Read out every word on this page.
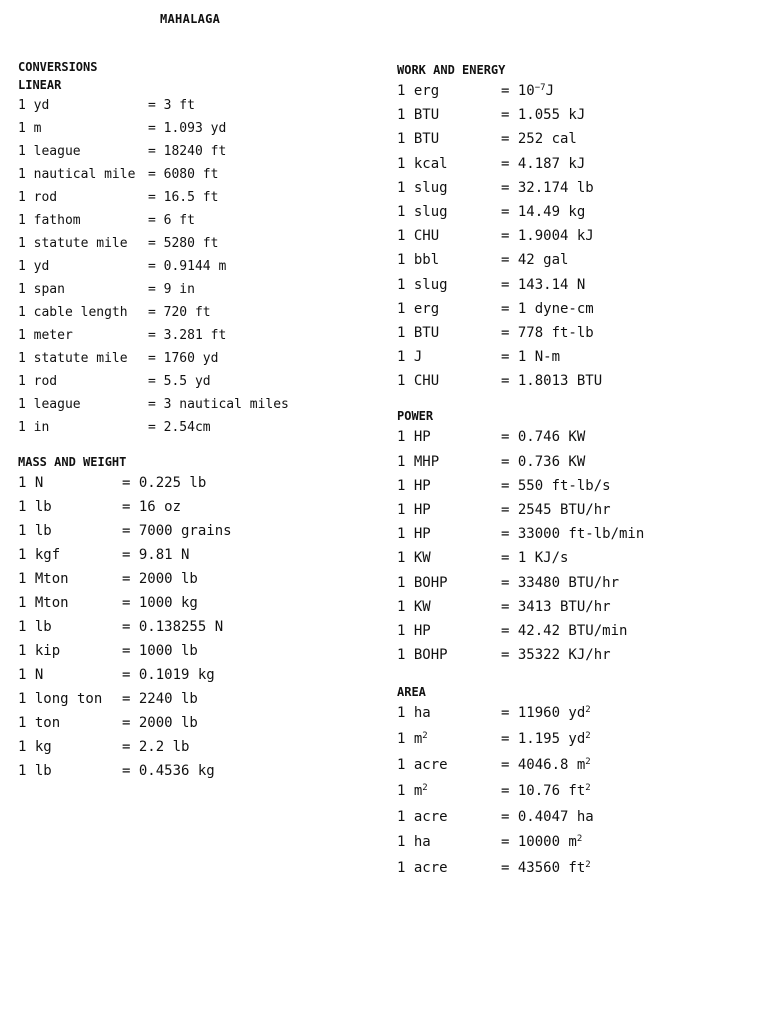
MAHALAGA
CONVERSIONS
LINEAR
1 yd	= 3 ft
1 m	= 1.093 yd
1 league	= 18240 ft
1 nautical mile = 6080 ft
1 rod	= 16.5 ft
1 fathom	= 6 ft
1 statute mile = 5280 ft
1 yd	= 0.9144 m
1 span	= 9 in
1 cable length = 720 ft
1 meter	= 3.281 ft
1 statute mile = 1760 yd
1 rod	= 5.5 yd
1 league	= 3 nautical miles
1 in	= 2.54cm
MASS AND WEIGHT
1 N	= 0.225 lb
1 lb	= 16 oz
1 lb	= 7000 grains
1 kgf	= 9.81 N
1 Mton	= 2000 lb
1 Mton	= 1000 kg
1 lb	= 0.138255 N
1 kip	= 1000 lb
1 N	= 0.1019 kg
1 long ton = 2240 lb
1 ton	= 2000 lb
1 kg	= 2.2 lb
1 lb	= 0.4536 kg
WORK AND ENERGY
1 erg	= $10^{-7}J$
1 BTU	= 1.055 kJ
1 BTU	= 252 cal
1 kcal	= 4.187 kJ
1 slug	= 32.174 lb
1 slug	= 14.49 kg
1 CHU	= 1.9004 kJ
1 bbl	= 42 gal
1 slug	= 143.14 N
1 erg	= 1 dyne-cm
1 BTU	= 778 ft-lb
1 J	= 1 N-m
1 CHU	= 1.8013 BTU
POWER
1 HP	= 0.746 KW
1 MHP	= 0.736 KW
1 HP	= 550 ft-lb/s
1 HP	= 2545 BTU/hr
1 HP	= 33000 ft-lb/min
1 KW	= 1 KJ/s
1 BOHP	= 33480 BTU/hr
1 KW	= 3413 BTU/hr
1 HP	= 42.42 BTU/min
1 BOHP	= 35322 KJ/hr
AREA
1 ha	= 11960 $yd^2$
1 $m^2$	= 1.195 $yd^2$
1 acre	= 4046.8 $m^2$
1 $m^2$	= 10.76 $ft^2$
1 acre	= 0.4047 ha
1 ha	= 10000 $m^2$
1 acre	= 43560 $ft^2$
